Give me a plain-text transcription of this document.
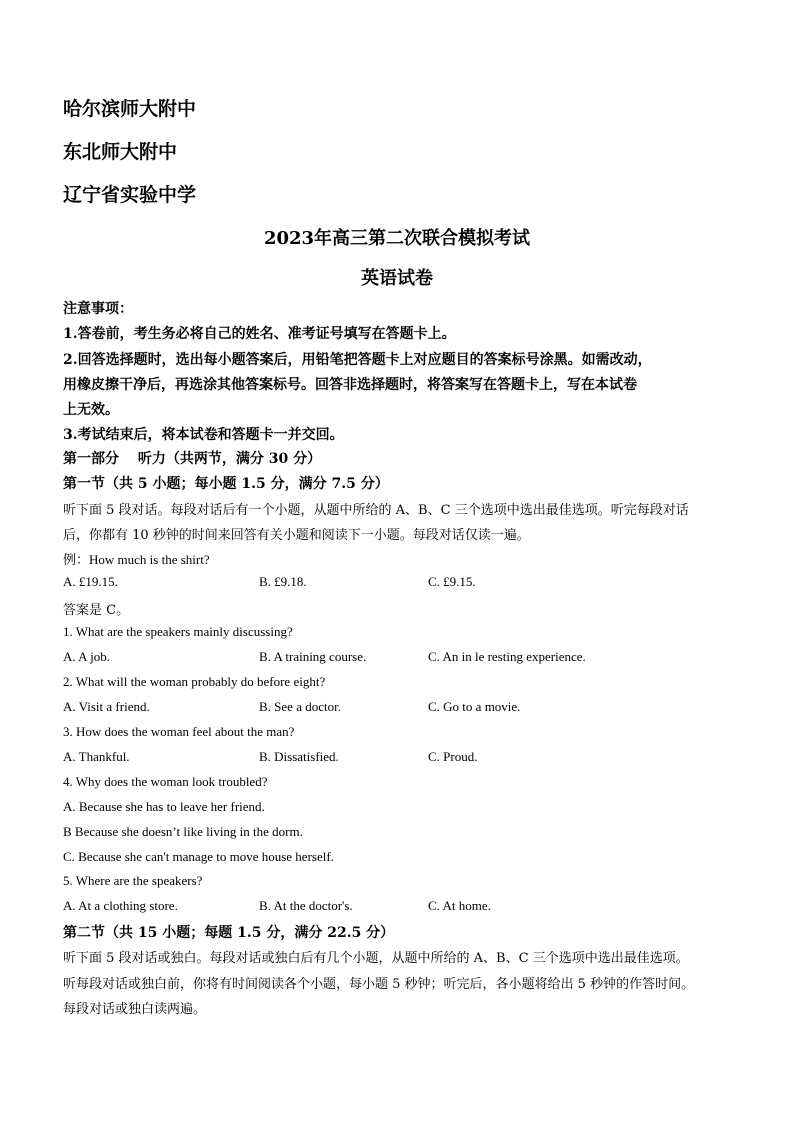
哈尔滨师大附中
东北师大附中
辽宁省实验中学
2023年高三第二次联合模拟考试
英语试卷
注意事项：
1.答卷前，考生务必将自己的姓名、准考证号填写在答题卡上。
2.回答选择题时，选出每小题答案后，用铅笔把答题卡上对应题目的答案标号涂黑。如需改动，
用橡皮擦干净后，再选涂其他答案标号。回答非选择题时，将答案写在答题卡上，写在本试卷
上无效。
3.考试结束后，将本试卷和答题卡一并交回。
第一部分　 听力（共两节，满分 30 分）
第一节（共 5 小题；每小题 1.5 分，满分 7.5 分）
听下面 5 段对话。每段对话后有一个小题，从题中所给的 A、B、C 三个选项中选出最佳选项。听完每段对话
后，你都有 10 秒钟的时间来回答有关小题和阅读下一小题。每段对话仅读一遍。
例：How much is the shirt?
A. £19.15.	B. £9.18.	C. £9.15.
答案是 C。
1. What are the speakers mainly discussing?
A. A job.	B. A training course.	C. An in le resting experience.
2. What will the woman probably do before eight?
A. Visit a friend.	B. See a doctor.	C. Go to a movie.
3. How does the woman feel about the man?
A. Thankful.	B. Dissatisfied.	C. Proud.
4. Why does the woman look troubled?
A. Because she has to leave her friend.
B Because she doesn’t like living in the dorm.
C. Because she can't manage to move house herself.
5. Where are the speakers?
A. At a clothing store.	B. At the doctor's.	C. At home.
第二节（共 15 小题；每题 1.5 分，满分 22.5 分）
听下面 5 段对话或独白。每段对话或独白后有几个小题，从题中所给的 A、B、C 三个选项中选出最佳选项。
听每段对话或独白前，你将有时间阅读各个小题，每小题 5 秒钟；听完后，各小题将给出 5 秒钟的作答时间。
每段对话或独白读两遍。
